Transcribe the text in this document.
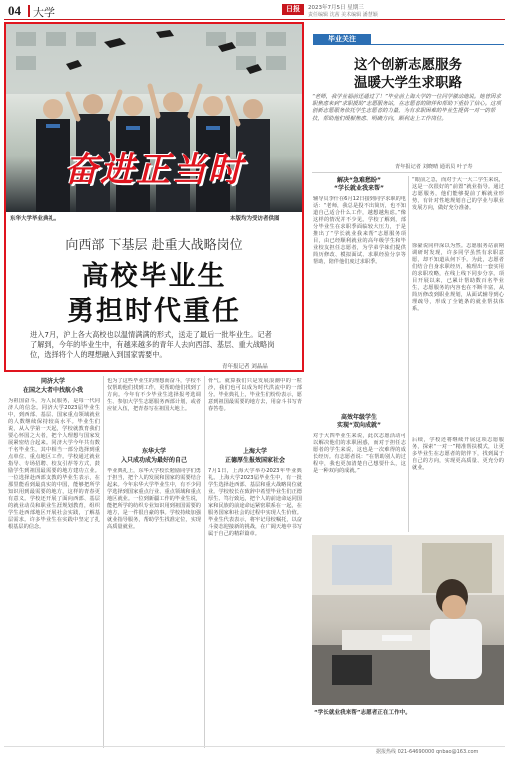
04 大学	日报	2023年7月5日 星期三
责任编辑 沈茜 美术编辑 潘慧颖
奋进正当时
东华大学毕业典礼。	本版均为受访者供图
向西部 下基层 赴重大战略岗位
高校毕业生
勇担时代重任
进入7月，沪上各大高校也以温情满满的形式，送走了最后一批毕业生。记者了解到，今年的毕业生中，有越来越多的青年人去向西部、基层、重大战略岗位，选择将个人的理想融入到国家需要中。
青年报记者 刘晶晶
同济大学
在国之大者中找航小我
为祖国奋斗，为人民服务，是每一代同济人的信念。同济大学2023届毕业生中，到西部、基层、国家重点领域就业的人数继续保持较高水平。毕业生们说，从入学第一天起，学校就教育我们要心怀国之大者，把个人理想与国家发展紧密结合起来。同济大学今年共有数千名毕业生，其中相当一部分选择到重点单位、重点地区工作。学校通过就业指导、专场招聘、校友引荐等方式，鼓励学生到祖国最需要的地方建功立业。一位选择赴西部支教的毕业生表示，在那里能看到最真实的中国，能够把所学知识用到最需要的地方，这样的青春更有意义。学校还开展了面向西部、基层的就业动员和职业生涯规划教育，组织学生赴西部地区开展社会实践，了解基层需求。许多毕业生在实践中坚定了扎根基层的信念。
也为了这些毕业生的理想而奋斗，学校不仅帮助他们找到工作，更帮助他们找到了方向。今年有不少毕业生选择报考选调生、参加大学生志愿服务西部计划，或者应征入伍，把青春写在祖国大地上。
东华大学
入只成功成为最好的自己
毕业典礼上，东华大学校长勉励同学们勇于担当，把个人的发展和国家的需要结合起来。今年东华大学毕业生中，有不少同学选择到国家重点行业、重点领域和重点地区就业。一位到新疆工作的毕业生说，能把所学的纺织专业知识用到祖国需要的地方，是一件很自豪的事。学校持续加强就业指导服务，帮助学生找准定位，实现高质量就业。
骨气。就算我们只是发展浪潮中的一粒沙，我们也可以成为时代洪流中的一部分。毕业典礼上，毕业生们纷纷表示，愿意到祖国最需要的地方去，用奋斗书写青春答卷。
上海大学
正德厚生报效国家社会
7月1日，上海大学举办2023年毕业典礼。上海大学2023届毕业生中，有一批学生选择赴西部、基层和重大战略岗位就业。学校校长在致辞中希望毕业生们正德厚生、笃行致远，把个人的前途命运同国家和民族的前途命运紧密联系在一起，在服务国家和社会的过程中实现人生价值。毕业生代表表示，将牢记母校嘱托，以奋斗姿态迎接新的挑战，在广阔天地中书写属于自己的精彩篇章。
毕业关注
这个创新志愿服务
温暖大学生求职路
“老师，我学业福前还通过了！”毕业前上海大学的一位同学激动地说。她曾因求职焦虑来到“求职援助”志愿服务站，在志愿者的陪伴和帮助下重拾了信心。这项创新志愿服务依托学生志愿者的力量，为有求职困难的毕业生提供一对一的帮扶，帮助他们缓解焦虑、明确方向，顺利走上工作岗位。
青年报记者 刘晓晴 通讯员 叶子寿
解决“急难愁盼”
“学长就业我来帮”
辅导员李什在6月12日接到同学求职的电话：“老师，我总是投不出简历，也不知道自己适合什么工作，越想越焦虑。”像这样的情况并不少见。学校了解到，部分毕业生在求职季面临较大压力，于是推出了“学长就业我来帮”志愿服务项目，由已经顺利就业的高年级学生和毕业校友担任志愿者，为学弟学妹们提供简历修改、模拟面试、求职经验分享等帮助，陪伴他们度过求职季。
高效年级学生
实现“双向成就”
对于大四毕业生来说，此次志愿活动可以解决他们的求职困惑，而对于担任志愿者的学生来说，这也是一次难得的成长经历。有志愿者说：“在帮助别人的过程中，我也更加清楚自己想要什么，这是一种双向的成就。”
“眼前之急，而对于大一大二学生来说，这是一次很好的“前置”就业指导。通过志愿服务，他们能够提前了解就业形势，有针对性地规划自己的学业与职业发展方向，做好充分准备。
徐豪说同样深以为然。志愿服务站前期调研时发现，许多同学虽然有求职意愿，却不知道从何下手。为此，志愿者们结合自身求职经历，梳理出一套实用的求职攻略，在线上线下同步分享。项目开展以来，已累计帮助数百名毕业生，志愿服务的内容也在不断丰富，从简历修改到职业规划，从面试辅导到心理疏导，形成了全链条的就业帮扶体系。
后续，学校还将继续开展这项志愿服务，探索“一对一”精准帮扶模式，让更多毕业生在志愿者的陪伴下，找到属于自己的方向，实现更高质量、更充分的就业。
“学长就业我来帮”志愿者正在工作中。
据报热线 021-64690000 qnbao@163.com
